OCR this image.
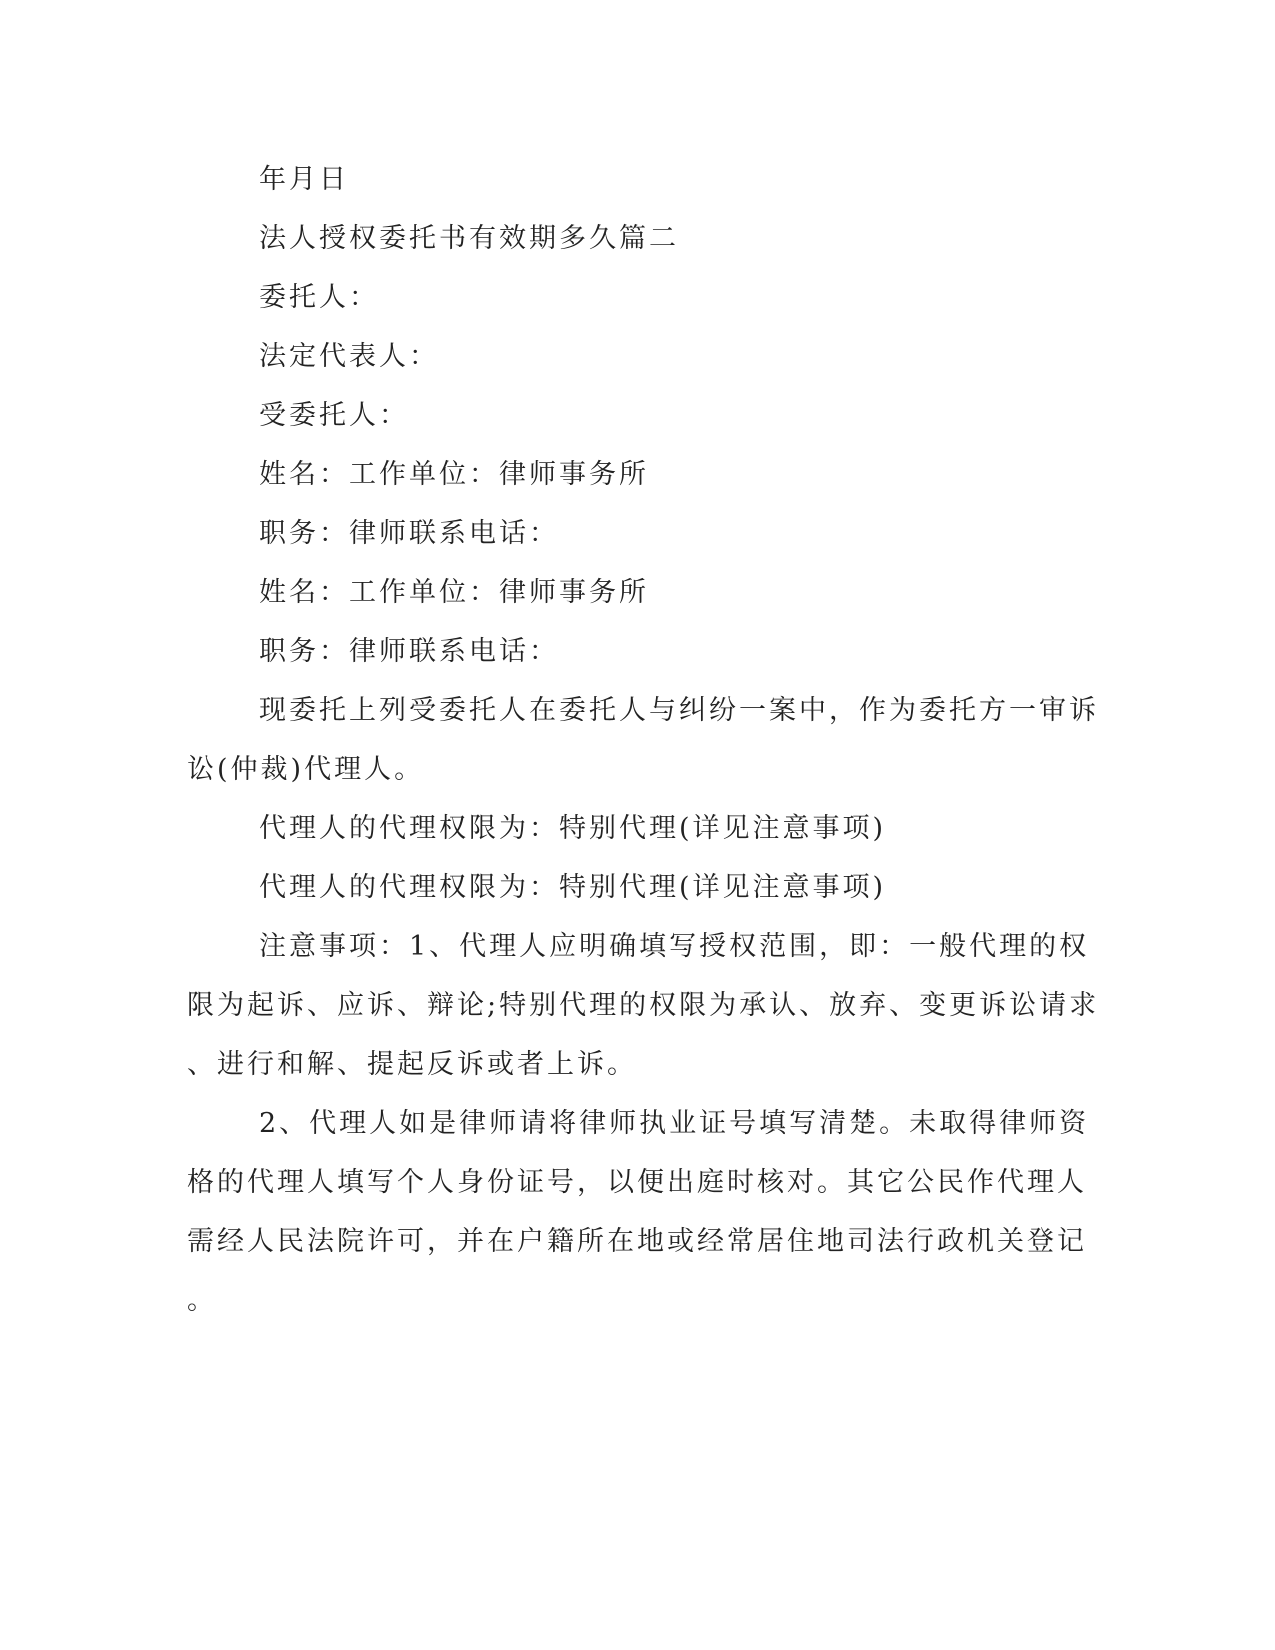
年月日

法人授权委托书有效期多久篇二

委托人：

法定代表人：

受委托人：

姓名：工作单位：律师事务所

职务：律师联系电话：

姓名：工作单位：律师事务所

职务：律师联系电话：

现委托上列受委托人在委托人与纠纷一案中，作为委托方一审诉

讼(仲裁)代理人。

代理人的代理权限为：特别代理(详见注意事项)

代理人的代理权限为：特别代理(详见注意事项)

注意事项：1、代理人应明确填写授权范围，即：一般代理的权

限为起诉、应诉、辩论;特别代理的权限为承认、放弃、变更诉讼请求

、进行和解、提起反诉或者上诉。

2、代理人如是律师请将律师执业证号填写清楚。未取得律师资

格的代理人填写个人身份证号，以便出庭时核对。其它公民作代理人

需经人民法院许可，并在户籍所在地或经常居住地司法行政机关登记

。
